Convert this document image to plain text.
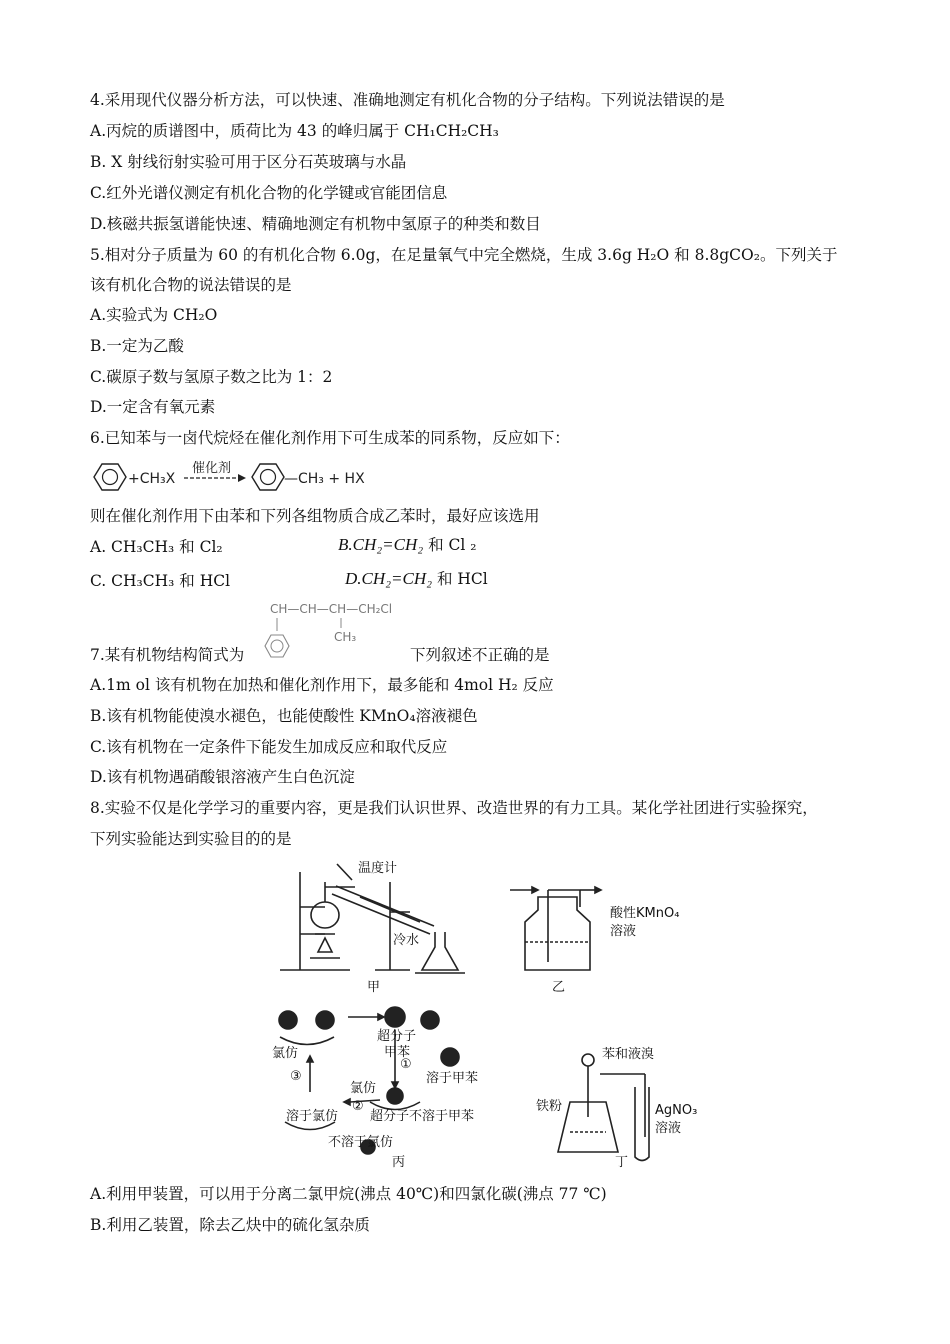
4.采用现代仪器分析方法，可以快速、准确地测定有机化合物的分子结构。下列说法错误的是
A.丙烷的质谱图中，质荷比为 43 的峰归属于 CH₁CH₂CH₃
B. X 射线衍射实验可用于区分石英玻璃与水晶
C.红外光谱仪测定有机化合物的化学键或官能团信息
D.核磁共振氢谱能快速、精确地测定有机物中氢原子的种类和数目
5.相对分子质量为 60 的有机化合物 6.0g，在足量氧气中完全燃烧，生成 3.6g H₂O 和 8.8gCO₂。下列关于
该有机化合物的说法错误的是
A.实验式为 CH₂O
B.一定为乙酸
C.碳原子数与氢原子数之比为 1：2
D.一定含有氧元素
6.已知苯与一卤代烷烃在催化剂作用下可生成苯的同系物，反应如下：
+CH₃X
催化剂
—CH₃ + HX
则在催化剂作用下由苯和下列各组物质合成乙苯时，最好应该选用
A. CH₃CH₃ 和 Cl₂	B.CH₂=CH₂ 和 Cl ₂
C. CH₃CH₃ 和 HCl	D.CH₂=CH₂ 和 HCl
CH—CH—CH—CH₂Cl
CH₃
7.某有机物结构简式为	下列叙述不正确的是
A.1m ol 该有机物在加热和催化剂作用下，最多能和 4mol H₂ 反应
B.该有机物能使溴水褪色，也能使酸性 KMnO₄溶液褪色
C.该有机物在一定条件下能发生加成反应和取代反应
D.该有机物遇硝酸银溶液产生白色沉淀
8.实验不仅是化学学习的重要内容，更是我们认识世界、改造世界的有力工具。某化学社团进行实验探究，
下列实验能达到实验目的的是
温度计
冷水
甲
酸性KMnO₄
溶液
乙
超分子
甲苯
①
溶于甲苯
氯仿
③
氯仿
②
溶于氯仿 超分子不溶于甲苯
不溶于氯仿
丙
苯和液溴
铁粉	AgNO₃
溶液
丁
A.利用甲装置，可以用于分离二氯甲烷(沸点 40℃)和四氯化碳(沸点 77 ℃)
B.利用乙装置，除去乙炔中的硫化氢杂质
